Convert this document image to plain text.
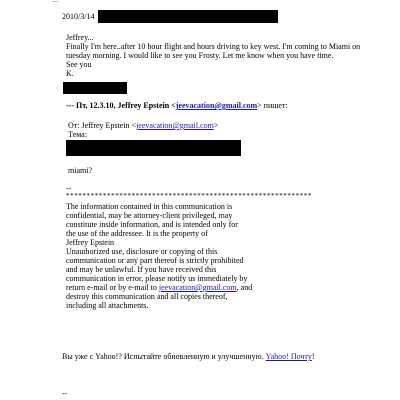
2010/3/14
Jeffrey...
Finally I'm here..after 10 hour flight and hours driving to key west. I'm coming to Miami on
tuesday morning. I would like to see you Frosty. Let me know when you have time.
See you
K.
--- Пт, 12.3.10, Jeffrey Epstein <jeevacation@gmail.com> пишет:
От: Jeffrey Epstein <jeevacation@gmail.com>
Тема:
miami?
--
************************************************************
The information contained in this communication is
confidential, may be attorney-client privileged, may
constitute inside information, and is intended only for
the use of the addressee. It is the property of
Jeffrey Epstein
Unauthorized use, disclosure or copying of this
communication or any part thereof is strictly prohibited
and may be unlawful. If you have received this
communication in error, please notify us immediately by
return e-mail or by e-mail to jeevacation@gmail.com, and
destroy this communication and all copies thereof,
including all attachments.
Вы уже с Yahoo!? Испытайте обновленную и улучшенную. Yahoo! Почту!
--
